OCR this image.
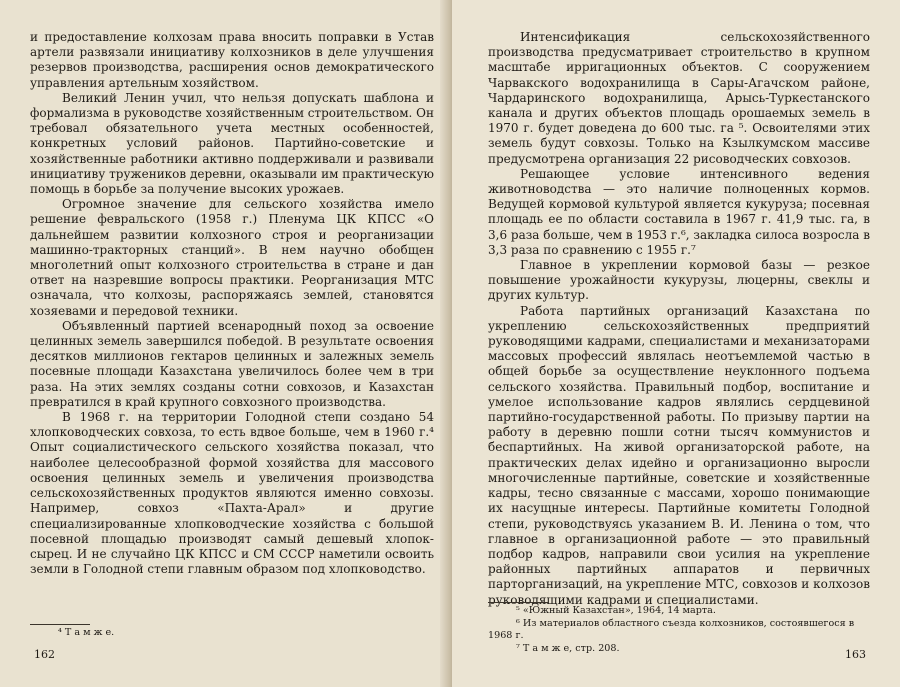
и предоставление колхозам права вносить поправки в Устав артели развязали инициативу колхозников в деле улучшения резервов производства, расширения основ демократического управления артельным хозяйством.

Великий Ленин учил, что нельзя допускать шаблона и формализма в руководстве хозяйственным строительством. Он требовал обязательного учета местных особенностей, конкретных условий районов. Партийно-советские и хозяйственные работники активно поддерживали и развивали инициативу тружеников деревни, оказывали им практическую помощь в борьбе за получение высоких урожаев.

Огромное значение для сельского хозяйства имело решение февральского (1958 г.) Пленума ЦК КПСС «О дальнейшем развитии колхозного строя и реорганизации машинно-тракторных станций». В нем научно обобщен многолетний опыт колхозного строительства в стране и дан ответ на назревшие вопросы практики. Реорганизация МТС означала, что колхозы, распоряжаясь землей, становятся хозяевами и передовой техники.

Объявленный партией всенародный поход за освоение целинных земель завершился победой. В результате освоения десятков миллионов гектаров целинных и залежных земель посевные площади Казахстана увеличилось более чем в три раза. На этих землях созданы сотни совхозов, и Казахстан превратился в край крупного совхозного производства.

В 1968 г. на территории Голодной степи создано 54 хлопководческих совхоза, то есть вдвое больше, чем в 1960 г.⁴ Опыт социалистического сельского хозяйства показал, что наиболее целесообразной формой хозяйства для массового освоения целинных земель и увеличения производства сельскохозяйственных продуктов являются именно совхозы. Например, совхоз «Пахта-Арал» и другие специализированные хлопководческие хозяйства с большой посевной площадью производят самый дешевый хлопок-сырец. И не случайно ЦК КПСС и СМ СССР наметили освоить земли в Голодной степи главным образом под хлопководство.

Интенсификация сельскохозяйственного производства предусматривает строительство в крупном масштабе ирригационных объектов. С сооружением Чарвакского водохранилища в Сары-Агачском районе, Чардаринского водохранилища, Арысь-Туркестанского канала и других объектов площадь орошаемых земель в 1970 г. будет доведена до 600 тыс. га ⁵. Освоителями этих земель будут совхозы. Только на Кзылкумском массиве предусмотрена организация 22 рисоводческих совхозов.

Решающее условие интенсивного ведения животноводства — это наличие полноценных кормов. Ведущей кормовой культурой является кукуруза; посевная площадь ее по области составила в 1967 г. 41,9 тыс. га, в 3,6 раза больше, чем в 1953 г.⁶, закладка силоса возросла в 3,3 раза по сравнению с 1955 г.⁷

Главное в укреплении кормовой базы — резкое повышение урожайности кукурузы, люцерны, свеклы и других культур.

Работа партийных организаций Казахстана по укреплению сельскохозяйственных предприятий руководящими кадрами, специалистами и механизаторами массовых профессий являлась неотъемлемой частью в общей борьбе за осуществление неуклонного подъема сельского хозяйства. Правильный подбор, воспитание и умелое использование кадров являлись сердцевиной партийно-государственной работы. По призыву партии на работу в деревню пошли сотни тысяч коммунистов и беспартийных. На живой организаторской работе, на практических делах идейно и организационно выросли многочисленные партийные, советские и хозяйственные кадры, тесно связанные с массами, хорошо понимающие их насущные интересы. Партийные комитеты Голодной степи, руководствуясь указанием В. И. Ленина о том, что главное в организационной работе — это правильный подбор кадров, направили свои усилия на укрепление районных партийных аппаратов и первичных парторганизаций, на укрепление МТС, совхозов и колхозов руководящими кадрами и специалистами.

⁴ Т а м ж е.

⁵ «Южный Казахстан», 1964, 14 марта.

⁶ Из материалов областного съезда колхозников, состоявшегося в 1968 г.

⁷ Т а м ж е, стр. 208.

162	163
